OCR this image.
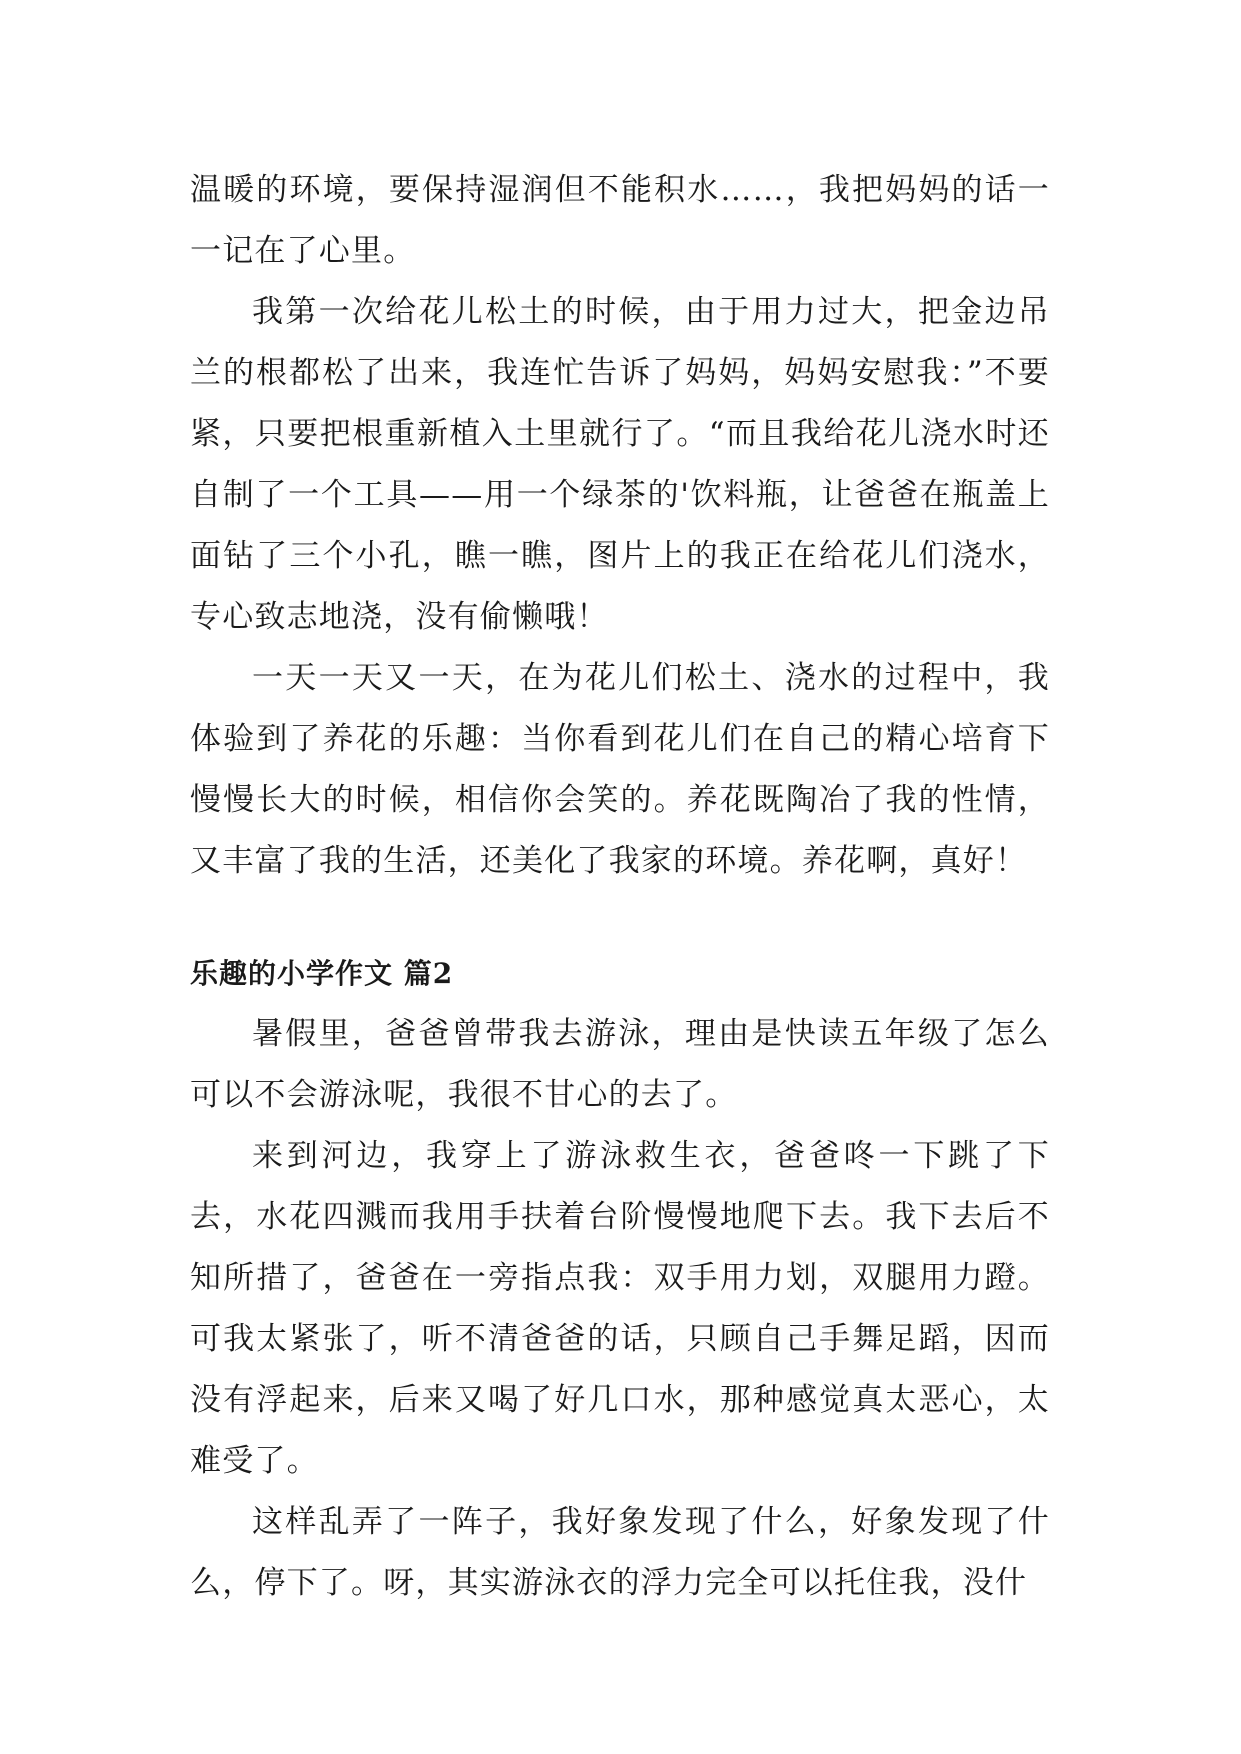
温暖的环境，要保持湿润但不能积水……，我把妈妈的话一一记在了心里。

我第一次给花儿松土的时候，由于用力过大，把金边吊兰的根都松了出来，我连忙告诉了妈妈，妈妈安慰我：”不要紧，只要把根重新植入土里就行了。“而且我给花儿浇水时还自制了一个工具——用一个绿茶的'饮料瓶，让爸爸在瓶盖上面钻了三个小孔，瞧一瞧，图片上的我正在给花儿们浇水，专心致志地浇，没有偷懒哦！

一天一天又一天，在为花儿们松土、浇水的过程中，我体验到了养花的乐趣：当你看到花儿们在自己的精心培育下慢慢长大的时候，相信你会笑的。养花既陶冶了我的性情，又丰富了我的生活，还美化了我家的环境。养花啊，真好！

乐趣的小学作文 篇2

暑假里，爸爸曾带我去游泳，理由是快读五年级了怎么可以不会游泳呢，我很不甘心的去了。

来到河边，我穿上了游泳救生衣，爸爸咚一下跳了下去，水花四溅而我用手扶着台阶慢慢地爬下去。我下去后不知所措了，爸爸在一旁指点我：双手用力划，双腿用力蹬。可我太紧张了，听不清爸爸的话，只顾自己手舞足蹈，因而没有浮起来，后来又喝了好几口水，那种感觉真太恶心，太难受了。

这样乱弄了一阵子，我好象发现了什么，好象发现了什么，停下了。呀，其实游泳衣的浮力完全可以托住我，没什
